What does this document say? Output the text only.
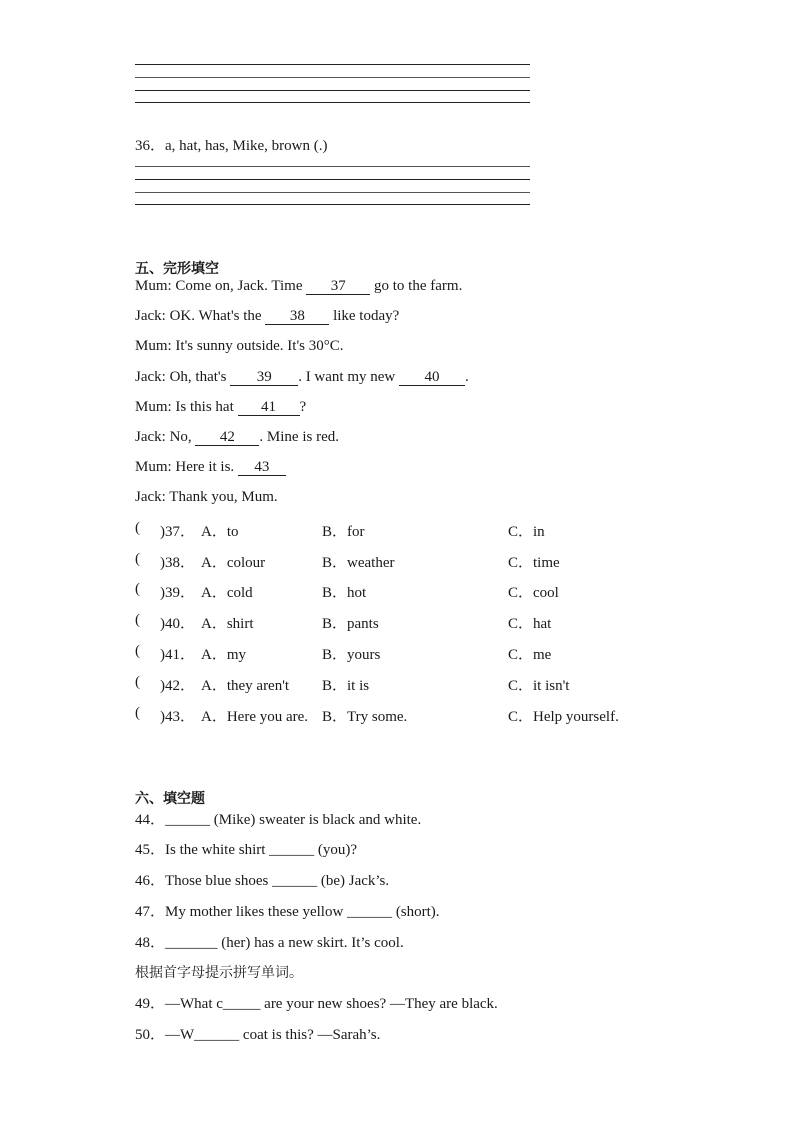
36．a, hat, has, Mike, brown (.)
五、完形填空
Mum: Come on, Jack. Time 37 go to the farm.
Jack: OK. What's the 38 like today?
Mum: It's sunny outside. It's 30°C.
Jack: Oh, that's 39 . I want my new 40 .
Mum: Is this hat 41 ?
Jack: No, 42 . Mine is red.
Mum: Here it is. 43
Jack: Thank you, Mum.
( )37． A．to	B．for	C．in
( )38． A．colour	B．weather	C．time
( )39． A．cold	B．hot	C．cool
( )40． A．shirt	B．pants	C．hat
( )41． A．my	B．yours	C．me
( )42． A．they aren't B．it is	C．it isn't
( )43． A．Here you are. B．Try some.	C．Help yourself.
六、填空题
44．______ (Mike) sweater is black and white.
45．Is the white shirt ______ (you)?
46．Those blue shoes ______ (be) Jack’s.
47．My mother likes these yellow ______ (short).
48．_______ (her) has a new skirt. It’s cool.
根据首字母提示拼写单词。
49．—What c_____ are your new shoes? —They are black.
50．—W______ coat is this? —Sarah’s.
